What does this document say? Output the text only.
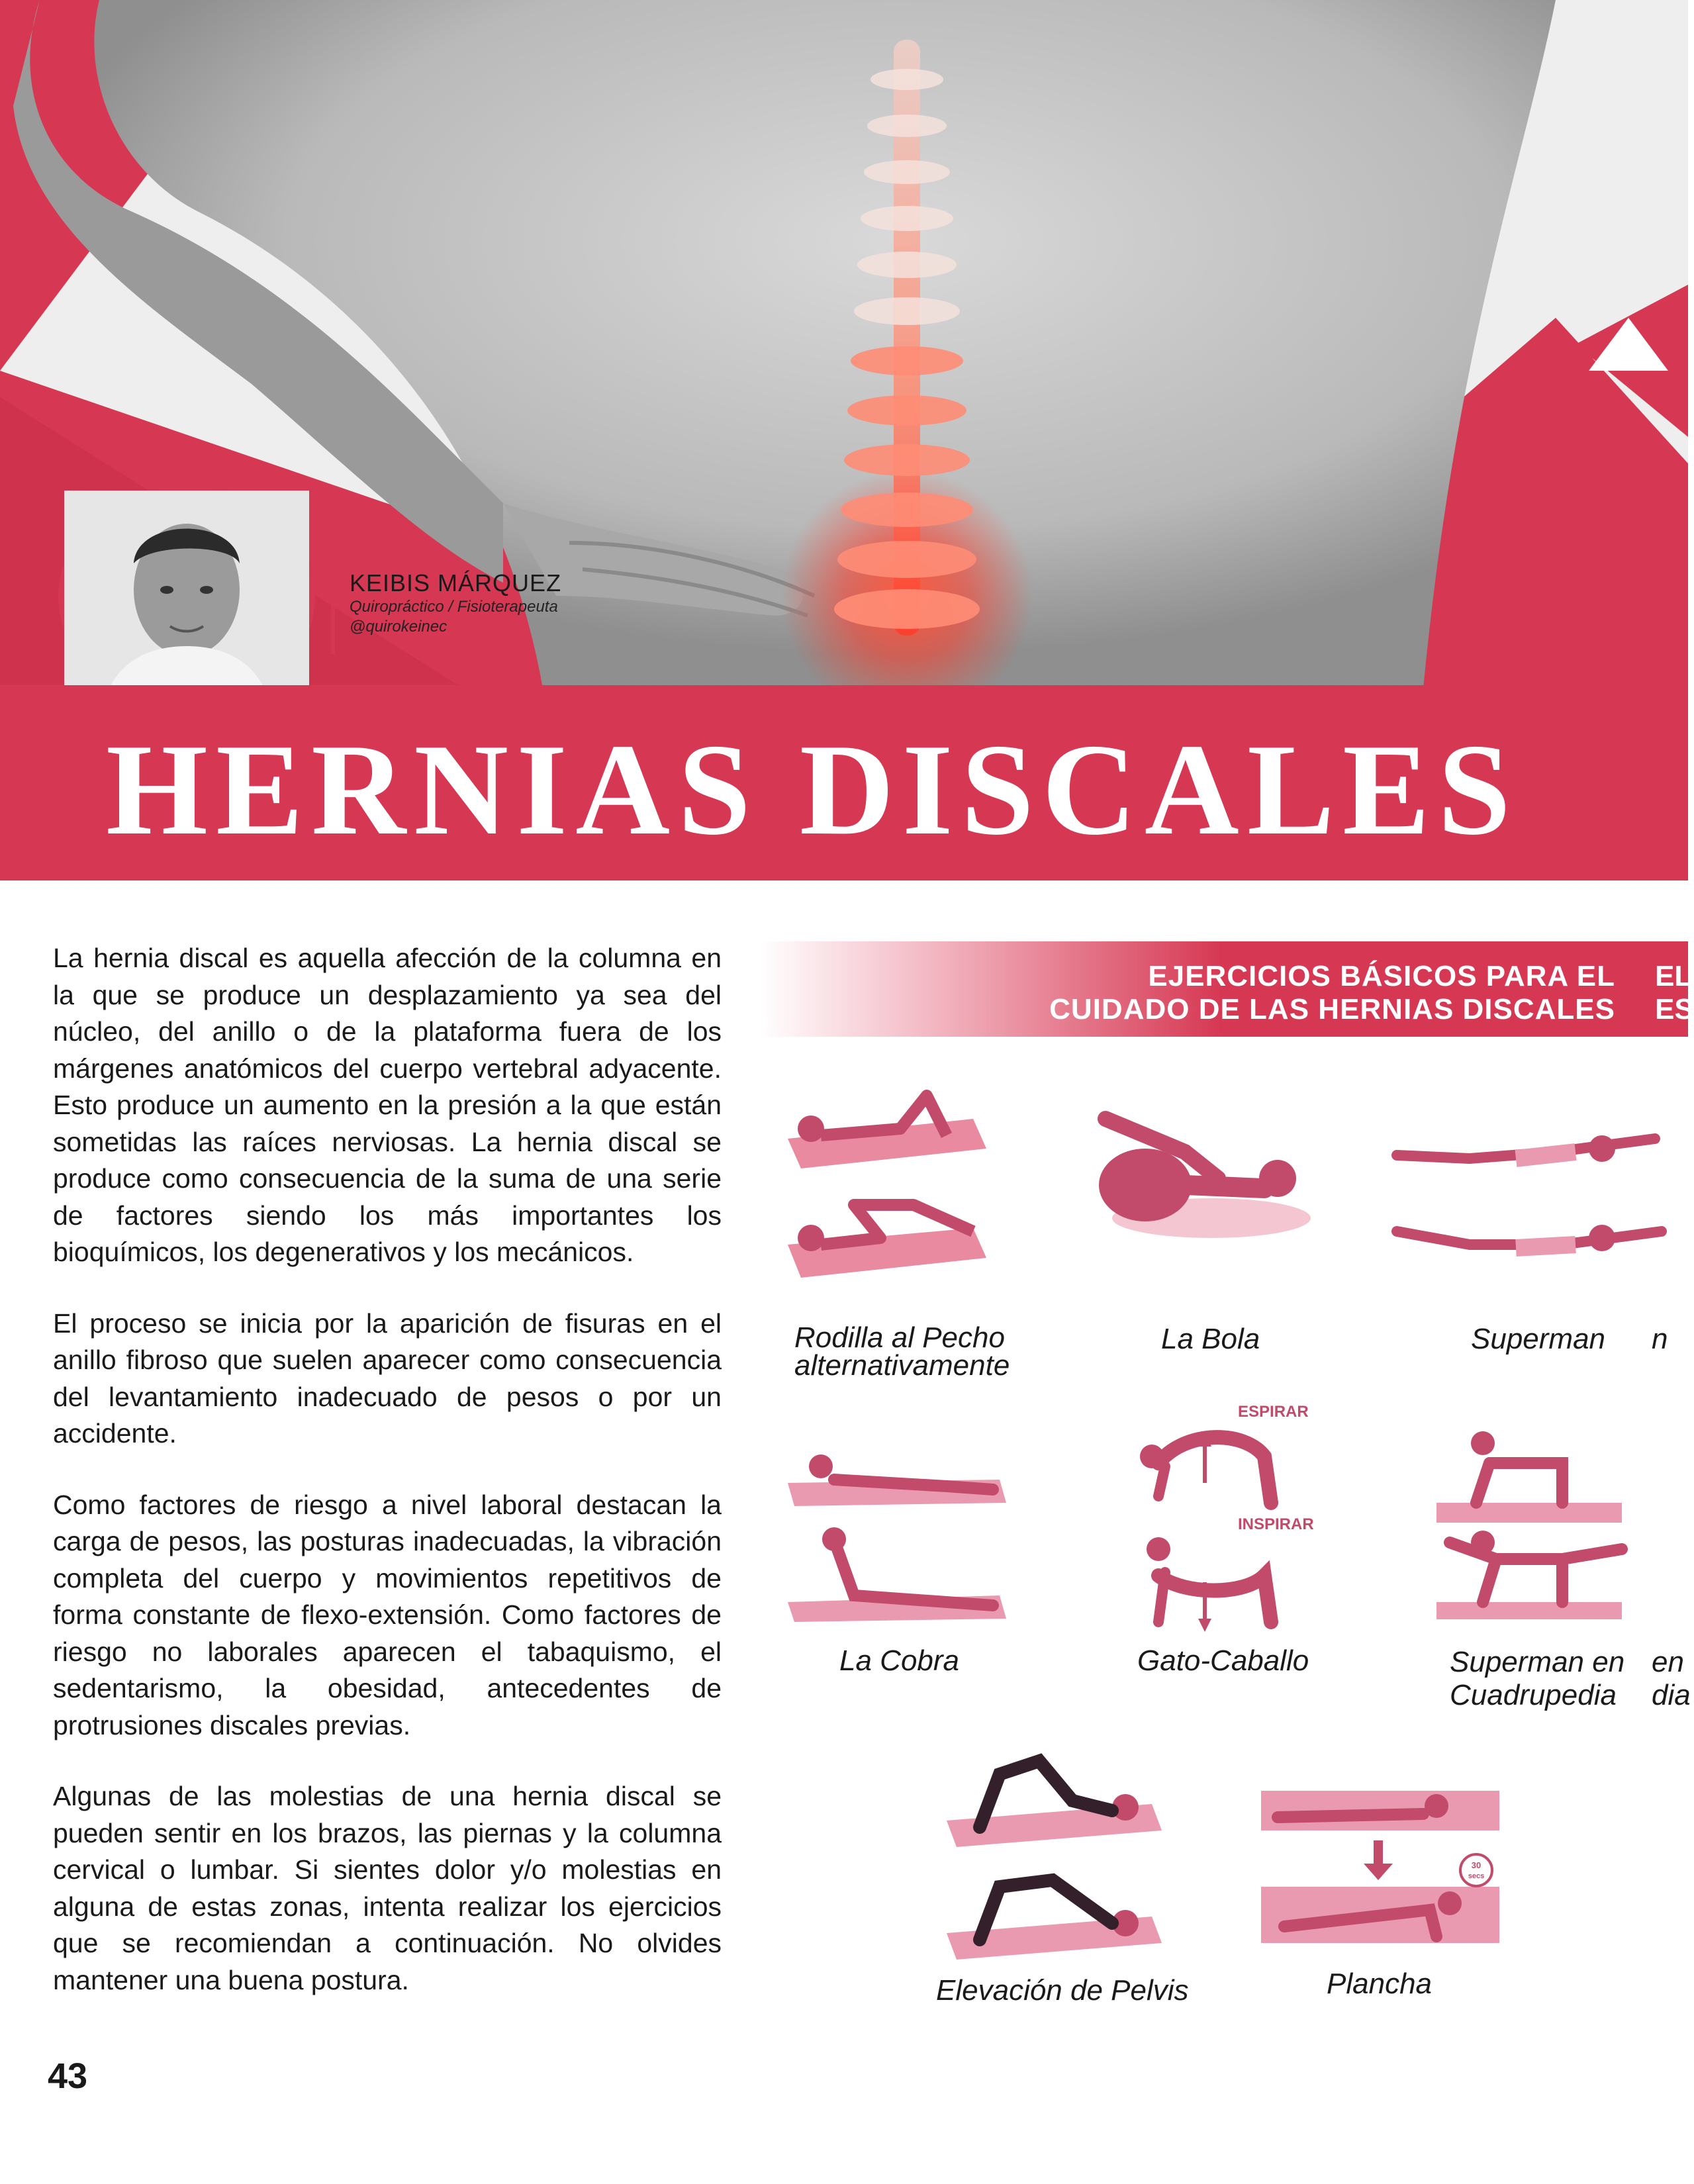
KEIBIS MÁRQUEZ
Quiropráctico / Fisioterapeuta
@quirokeinec
HERNIAS DISCALES

La hernia discal es aquella afección de la columna en la que se produce un desplazamiento ya sea del núcleo, del anillo o de la plataforma fuera de los márgenes anatómicos del cuerpo vertebral adyacente. Esto produce un aumento en la presión a la que están sometidas las raíces nerviosas. La hernia discal se produce como consecuencia de la suma de una serie de factores siendo los más importantes los bioquímicos, los degenerativos y los mecánicos.

El proceso se inicia por la aparición de fisuras en el anillo fibroso que suelen aparecer como consecuencia del levantamiento inadecuado de pesos o por un accidente.

Como factores de riesgo a nivel laboral destacan la carga de pesos, las posturas inadecuadas, la vibración completa del cuerpo y movimientos repetitivos de forma constante de flexo-extensión. Como factores de riesgo no laborales aparecen el tabaquismo, el sedentarismo, la obesidad, antecedentes de protrusiones discales previas.

Algunas de las molestias de una hernia discal se pueden sentir en los brazos, las piernas y la columna cervical o lumbar. Si sientes dolor y/o molestias en alguna de estas zonas, intenta realizar los ejercicios que se recomiendan a continuación. No olvides mantener una buena postura.

43
EJERCICIOS BÁSICOS PARA EL
CUIDADO DE LAS HERNIAS DISCALES
EL
ES
Rodilla al Pecho
alternativamente
La Bola	Superman n
La Cobra
ESPIRAR
INSPIRAR
Gato-Caballo	Superman en
Cuadrupedia
en
dia
Elevación de Pelvis
30
secs
Plancha
